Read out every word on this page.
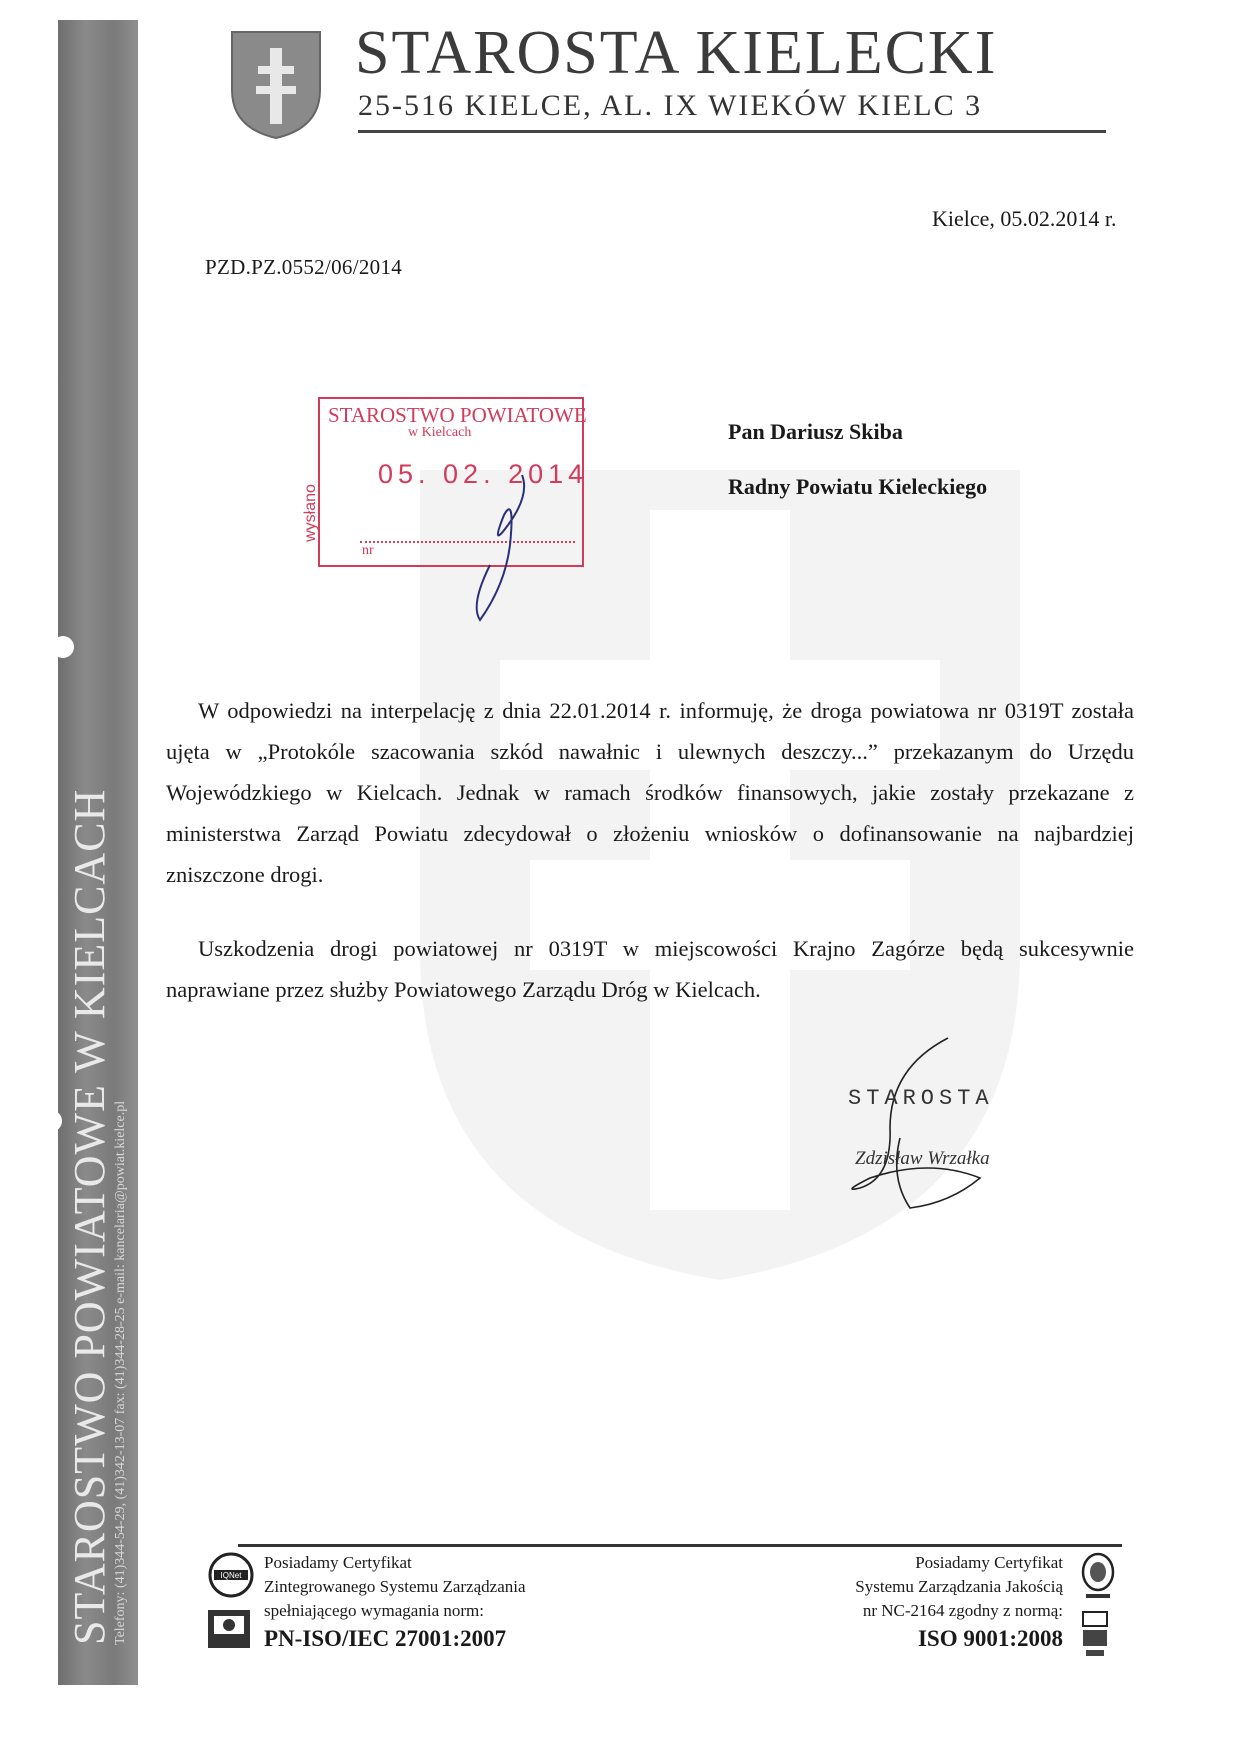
STAROSTWO POWIATOWE W KIELCACH Telefony: (41)344-54-29, (41)342-13-07 fax: (41)344-28-25 e-mail: kancelaria@powiat.kielce.pl
STAROSTA KIELECKI
25-516 KIELCE, AL. IX WIEKÓW KIELC 3
Kielce, 05.02.2014 r.
PZD.PZ.0552/06/2014
STAROSTWO POWIATOWE
w Kielcach
wysłano
05. 02. 2014
nr
Pan Dariusz Skiba
Radny Powiatu Kieleckiego
W odpowiedzi na interpelację z dnia 22.01.2014 r. informuję, że droga powiatowa nr 0319T została ujęta w „Protokóle szacowania szkód nawałnic i ulewnych deszczy...” przekazanym do Urzędu Wojewódzkiego w Kielcach. Jednak w ramach środków finansowych, jakie zostały przekazane z ministerstwa Zarząd Powiatu zdecydował o złożeniu wniosków o dofinansowanie na najbardziej zniszczone drogi.
Uszkodzenia drogi powiatowej nr 0319T w miejscowości Krajno Zagórze będą sukcesywnie naprawiane przez służby Powiatowego Zarządu Dróg w Kielcach.
STAROSTA
Zdzisław Wrzałka
IQNet
Posiadamy Certyfikat
Zintegrowanego Systemu Zarządzania
spełniającego wymagania norm:
PN-ISO/IEC 27001:2007
Posiadamy Certyfikat
Systemu Zarządzania Jakością
nr NC-2164 zgodny z normą:
ISO 9001:2008
